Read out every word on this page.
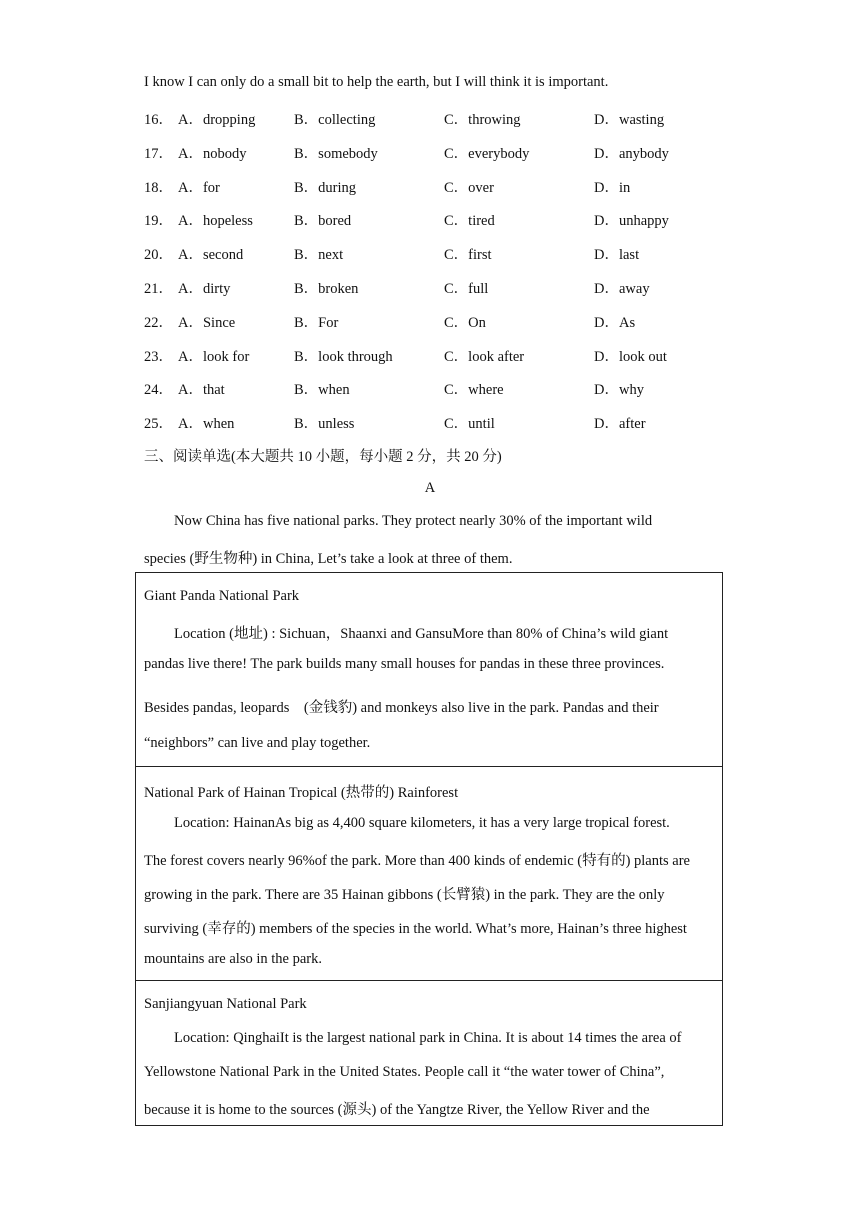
I know I can only do a small bit to help the earth, but I will think it is important.
16． A．dropping	B．collecting	C．throwing	D．wasting
17． A．nobody	B．somebody	C．everybody	D．anybody
18． A．for	B．during	C．over	D．in
19． A．hopeless	B．bored	C．tired	D．unhappy
20． A．second	B．next	C．first	D．last
21． A．dirty	B．broken	C．full	D．away
22． A．Since	B．For	C．On	D．As
23． A．look for	B．look through	C．look after	D．look out
24． A．that	B．when	C．where	D．why
25． A．when	B．unless	C．until	D．after
三、阅读单选(本大题共 10 小题，每小题 2 分，共 20 分)
A
Now China has five national parks. They protect nearly 30% of the important wild
species (野生物种) in China, Let’s take a look at three of them.
Giant Panda National Park
Location (地址) : Sichuan，Shaanxi and GansuMore than 80% of China’s wild giant
pandas live there! The park builds many small houses for pandas in these three provinces.
Besides pandas, leopards    (金钱豹) and monkeys also live in the park. Pandas and their
“neighbors” can live and play together.
National Park of Hainan Tropical (热带的) Rainforest
Location: HainanAs big as 4,400 square kilometers, it has a very large tropical forest.
The forest covers nearly 96%of the park. More than 400 kinds of endemic (特有的) plants are
growing in the park. There are 35 Hainan gibbons (长臂猿) in the park. They are the only
surviving (幸存的) members of the species in the world. What’s more, Hainan’s three highest
mountains are also in the park.
Sanjiangyuan National Park
Location: QinghaiIt is the largest national park in China. It is about 14 times the area of
Yellowstone National Park in the United States. People call it “the water tower of China”,
because it is home to the sources (源头) of the Yangtze River, the Yellow River and the
